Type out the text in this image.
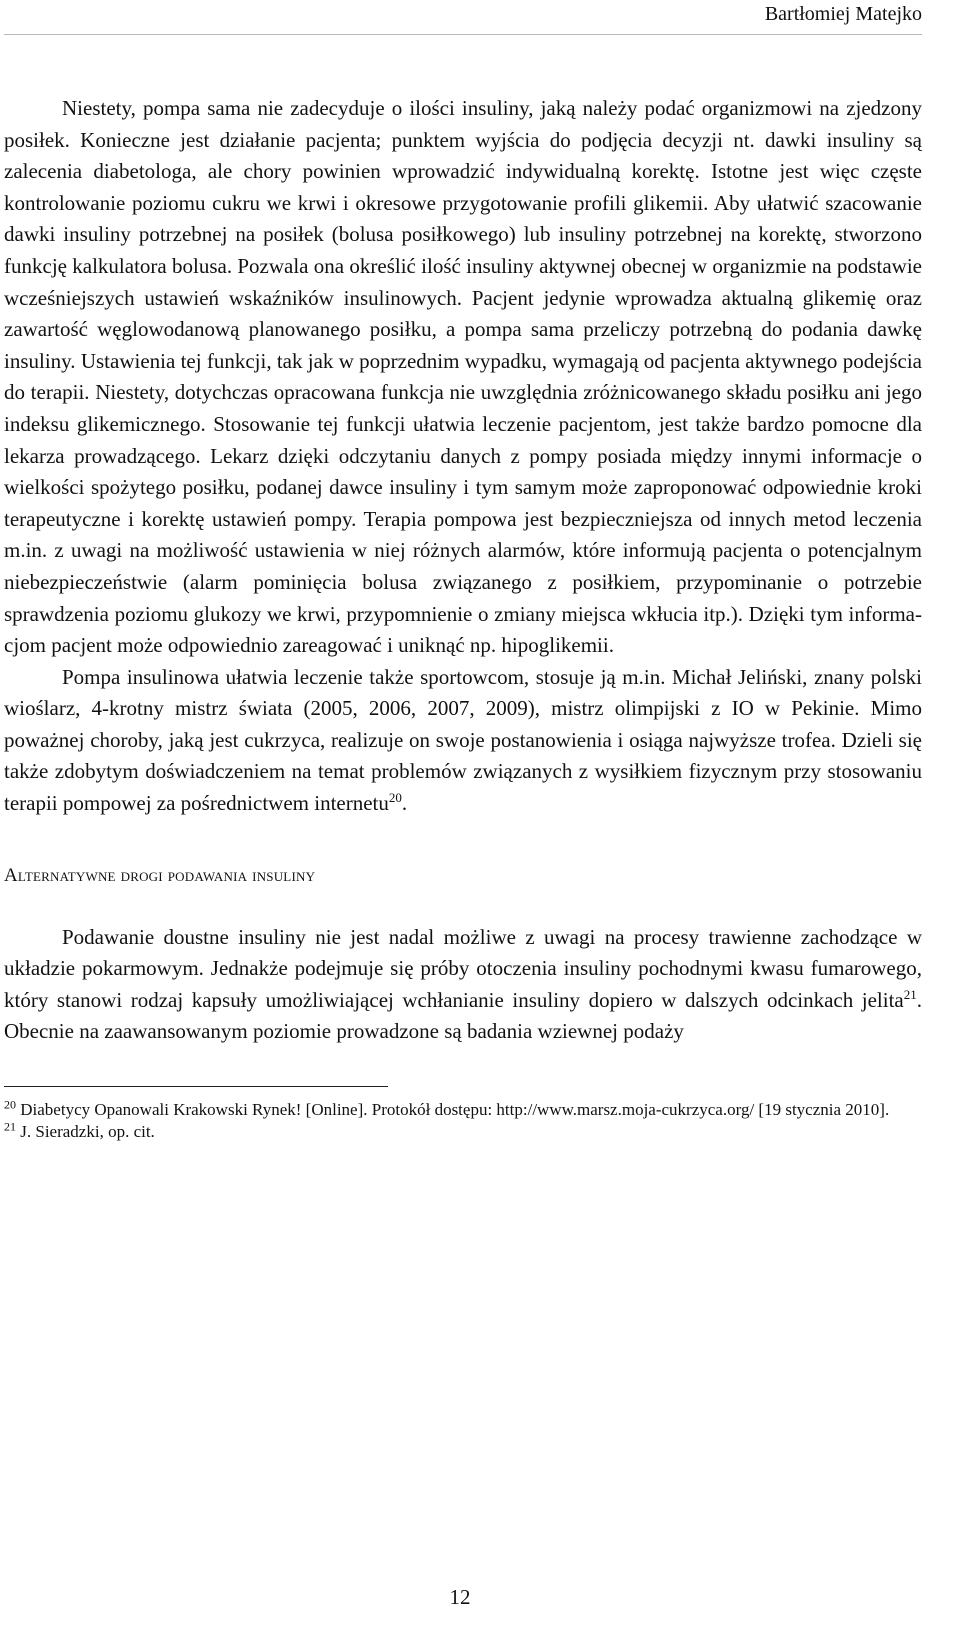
Bartłomiej Matejko

Niestety, pompa sama nie zadecyduje o ilości insuliny, jaką należy podać organizmowi na zjedzony posiłek. Konieczne jest działanie pacjenta; punktem wyjścia do podjęcia decyzji nt. dawki insuliny są zalecenia diabetologa, ale chory powinien wprowadzić indywidualną korektę. Istotne jest więc częste kontrolowanie poziomu cukru we krwi i okresowe przygotowanie profili glikemii. Aby ułatwić szacowanie dawki insuliny potrzebnej na posiłek (bolusa posiłkowego) lub insuliny potrzebnej na korektę, stworzono funkcję kalkulatora bolusa. Pozwala ona określić ilość insuliny aktywnej obecnej w organizmie na podstawie wcześniejszych ustawień wskaźników insulinowych. Pacjent jedynie wprowadza aktualną glikemię oraz zawartość węglowodanową planowanego posiłku, a pompa sama przeliczy potrzebną do podania dawkę insuliny. Ustawienia tej funkcji, tak jak w poprzednim wypadku, wymagają od pacjenta aktywnego podejścia do terapii. Niestety, dotychczas opracowana funkcja nie uwzględnia zróżnicowanego składu posiłku ani jego indeksu glikemicznego. Stosowanie tej funkcji ułatwia leczenie pacjentom, jest także bardzo pomocne dla lekarza prowadzącego. Lekarz dzięki odczytaniu danych z pompy posiada między innymi informacje o wielkości spożytego posiłku, podanej dawce insuliny i tym samym może zaproponować odpowiednie kroki terapeutyczne i korektę ustawień pompy. Terapia pompowa jest bezpieczniejsza od innych metod leczenia m.in. z uwagi na możliwość ustawienia w niej różnych alarmów, które informują pacjenta o potencjalnym niebezpieczeństwie (alarm pominięcia bolusa związanego z posiłkiem, przypominanie o potrzebie sprawdzenia poziomu glukozy we krwi, przypomnienie o zmiany miejsca wkłucia itp.). Dzięki tym informacjom pacjent może odpowiednio zareagować i uniknąć np. hipoglikemii.

Pompa insulinowa ułatwia leczenie także sportowcom, stosuje ją m.in. Michał Jeliński, znany polski wioślarz, 4-krotny mistrz świata (2005, 2006, 2007, 2009), mistrz olimpijski z IO w Pekinie. Mimo poważnej choroby, jaką jest cukrzyca, realizuje on swoje postanowienia i osiąga najwyższe trofea. Dzieli się także zdobytym doświadczeniem na temat problemów związanych z wysiłkiem fizycznym przy stosowaniu terapii pompowej za pośrednictwem internetu$^{20}$.

Alternatywne drogi podawania insuliny

Podawanie doustne insuliny nie jest nadal możliwe z uwagi na procesy trawienne zachodzące w układzie pokarmowym. Jednakże podejmuje się próby otoczenia insuliny pochodnymi kwasu fumarowego, który stanowi rodzaj kapsuły umożliwiającej wchłanianie insuliny dopiero w dalszych odcinkach jelita$^{21}$. Obecnie na zaawansowanym poziomie prowadzone są badania wziewnej podaży

$^{20}$ Diabetycy Opanowali Krakowski Rynek! [Online]. Protokół dostępu: http://www.marsz.moja-cukrzyca.org/ [19 stycznia 2010].

$^{21}$ J. Sieradzki, op. cit.

12
